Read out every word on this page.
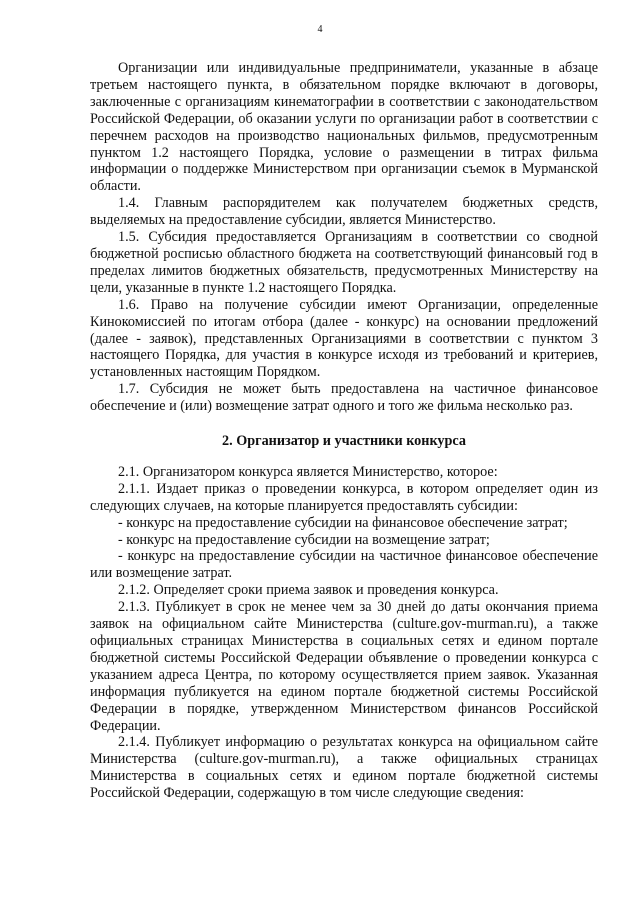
4

Организации или индивидуальные предприниматели, указанные в абзаце третьем настоящего пункта, в обязательном порядке включают в договоры, заключенные с организациям кинематографии в соответствии с законодательством Российской Федерации, об оказании услуги по организации работ в соответствии с перечнем расходов на производство национальных фильмов, предусмотренным пунктом 1.2 настоящего Порядка, условие о размещении в титрах фильма информации о поддержке Министерством при организации съемок в Мурманской области.

1.4. Главным распорядителем как получателем бюджетных средств, выделяемых на предоставление субсидии, является Министерство.

1.5. Субсидия предоставляется Организациям в соответствии со сводной бюджетной росписью областного бюджета на соответствующий финансовый год в пределах лимитов бюджетных обязательств, предусмотренных Министерству на цели, указанные в пункте 1.2 настоящего Порядка.

1.6. Право на получение субсидии имеют Организации, определенные Кинокомиссией по итогам отбора (далее - конкурс) на основании предложений (далее - заявок), представленных Организациями в соответствии с пунктом 3 настоящего Порядка, для участия в конкурсе исходя из требований и критериев, установленных настоящим Порядком.

1.7. Субсидия не может быть предоставлена на частичное финансовое обеспечение и (или) возмещение затрат одного и того же фильма несколько раз.

2. Организатор и участники конкурса

2.1. Организатором конкурса является Министерство, которое:

2.1.1. Издает приказ о проведении конкурса, в котором определяет один из следующих случаев, на которые планируется предоставлять субсидии:

- конкурс на предоставление субсидии на финансовое обеспечение затрат;

- конкурс на предоставление субсидии на возмещение затрат;

- конкурс на предоставление субсидии на частичное финансовое обеспечение или возмещение затрат.

2.1.2. Определяет сроки приема заявок и проведения конкурса.

2.1.3. Публикует в срок не менее чем за 30 дней до даты окончания приема заявок на официальном сайте Министерства (culture.gov-murman.ru), а также официальных страницах Министерства в социальных сетях и едином портале бюджетной системы Российской Федерации объявление о проведении конкурса с указанием адреса Центра, по которому осуществляется прием заявок. Указанная информация публикуется на едином портале бюджетной системы Российской Федерации в порядке, утвержденном Министерством финансов Российской Федерации.

2.1.4. Публикует информацию о результатах конкурса на официальном сайте Министерства (culture.gov-murman.ru), а также официальных страницах Министерства в социальных сетях и едином портале бюджетной системы Российской Федерации, содержащую в том числе следующие сведения:
